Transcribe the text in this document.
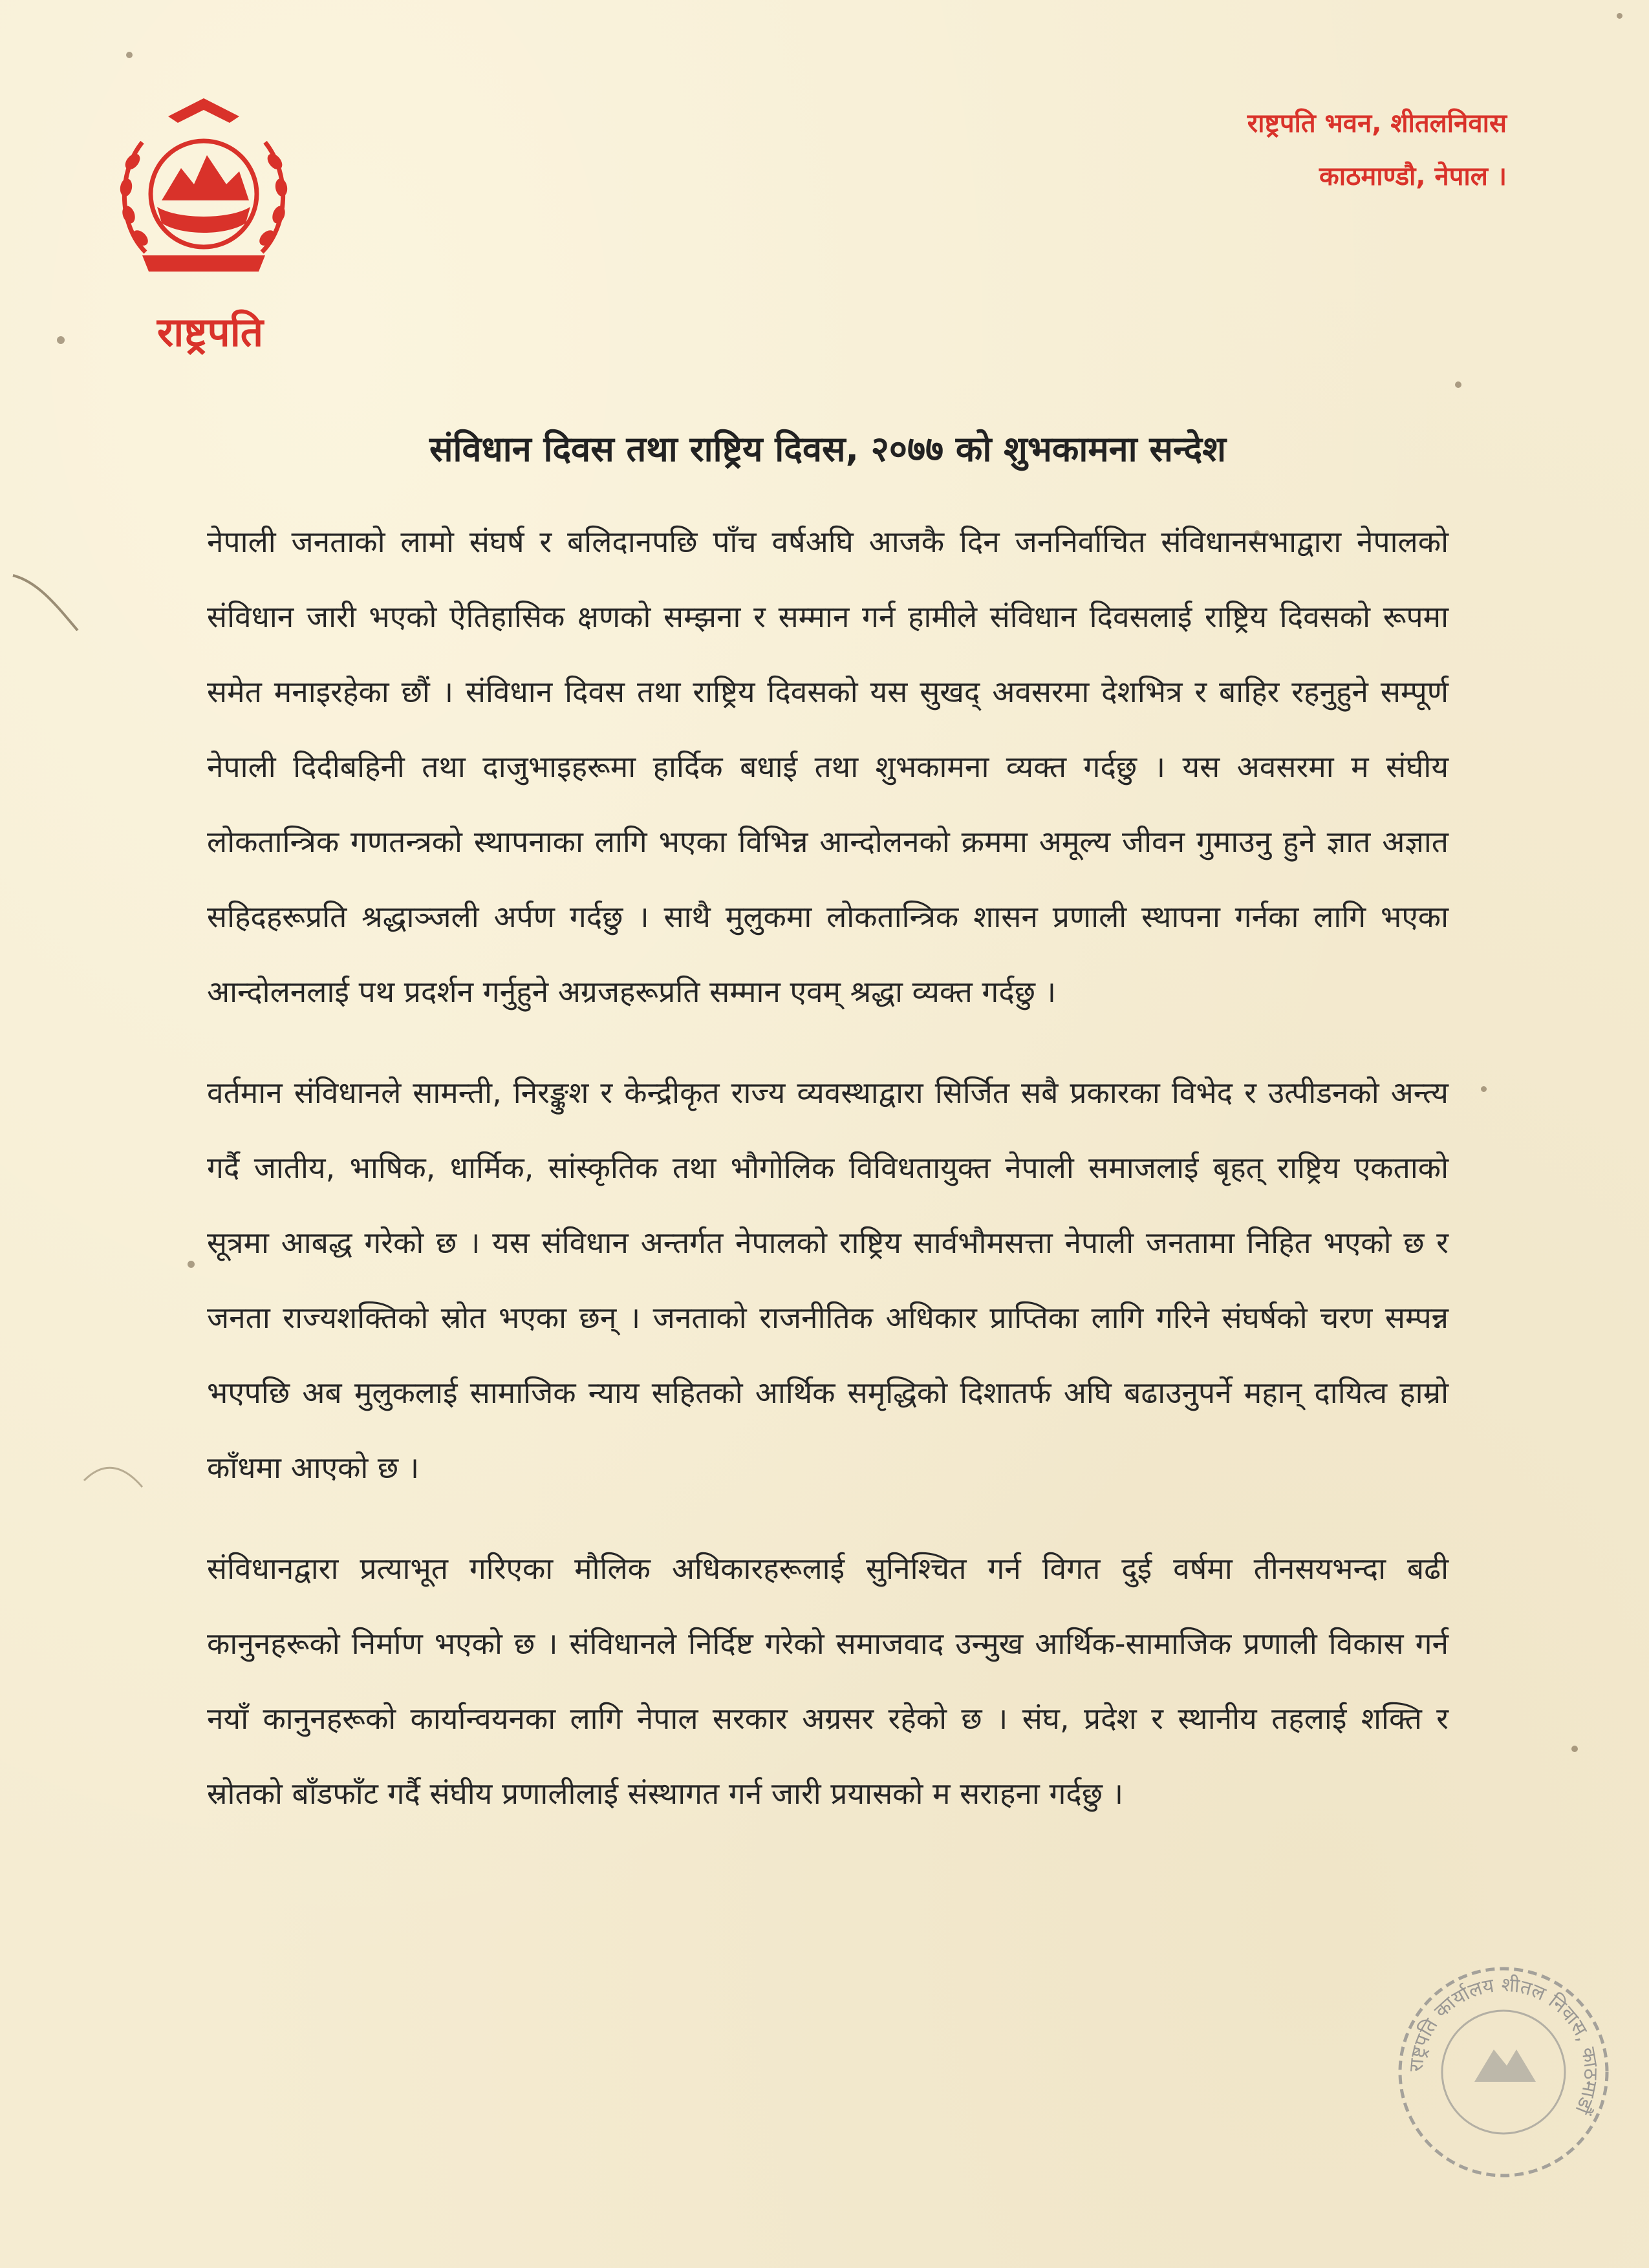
राष्ट्रपति
राष्ट्रपति भवन, शीतलनिवास
काठमाण्डौ, नेपाल ।
संविधान दिवस तथा राष्ट्रिय दिवस, २०७७ को शुभकामना सन्देश

नेपाली जनताको लामो संघर्ष र बलिदानपछि पाँच वर्षअघि आजकै दिन जननिर्वाचित संविधानसभाद्वारा नेपालको संविधान जारी भएको ऐतिहासिक क्षणको सम्झना र सम्मान गर्न हामीले संविधान दिवसलाई राष्ट्रिय दिवसको रूपमा समेत मनाइरहेका छौं । संविधान दिवस तथा राष्ट्रिय दिवसको यस सुखद् अवसरमा देशभित्र र बाहिर रहनुहुने सम्पूर्ण नेपाली दिदीबहिनी तथा दाजुभाइहरूमा हार्दिक बधाई तथा शुभकामना व्यक्त गर्दछु । यस अवसरमा म संघीय लोकतान्त्रिक गणतन्त्रको स्थापनाका लागि भएका विभिन्न आन्दोलनको क्रममा अमूल्य जीवन गुमाउनु हुने ज्ञात अज्ञात सहिदहरूप्रति श्रद्धाञ्जली अर्पण गर्दछु । साथै मुलुकमा लोकतान्त्रिक शासन प्रणाली स्थापना गर्नका लागि भएका आन्दोलनलाई पथ प्रदर्शन गर्नुहुने अग्रजहरूप्रति सम्मान एवम् श्रद्धा व्यक्त गर्दछु ।

वर्तमान संविधानले सामन्ती, निरङ्कुश र केन्द्रीकृत राज्य व्यवस्थाद्वारा सिर्जित सबै प्रकारका विभेद र उत्पीडनको अन्त्य गर्दै जातीय, भाषिक, धार्मिक, सांस्कृतिक तथा भौगोलिक विविधतायुक्त नेपाली समाजलाई बृहत् राष्ट्रिय एकताको सूत्रमा आबद्ध गरेको छ । यस संविधान अन्तर्गत नेपालको राष्ट्रिय सार्वभौमसत्ता नेपाली जनतामा निहित भएको छ र जनता राज्यशक्तिको स्रोत भएका छन् । जनताको राजनीतिक अधिकार प्राप्तिका लागि गरिने संघर्षको चरण सम्पन्न भएपछि अब मुलुकलाई सामाजिक न्याय सहितको आर्थिक समृद्धिको दिशातर्फ अघि बढाउनुपर्ने महान् दायित्व हाम्रो काँधमा आएको छ ।

संविधानद्वारा प्रत्याभूत गरिएका मौलिक अधिकारहरूलाई सुनिश्चित गर्न विगत दुई वर्षमा तीनसयभन्दा बढी कानुनहरूको निर्माण भएको छ । संविधानले निर्दिष्ट गरेको समाजवाद उन्मुख आर्थिक-सामाजिक प्रणाली विकास गर्न नयाँ कानुनहरूको कार्यान्वयनका लागि नेपाल सरकार अग्रसर रहेको छ । संघ, प्रदेश र स्थानीय तहलाई शक्ति र स्रोतको बाँडफाँट गर्दै संघीय प्रणालीलाई संस्थागत गर्न जारी प्रयासको म सराहना गर्दछु ।

राष्ट्रपति कार्यालय शीतल निवास, काठमाडौं
